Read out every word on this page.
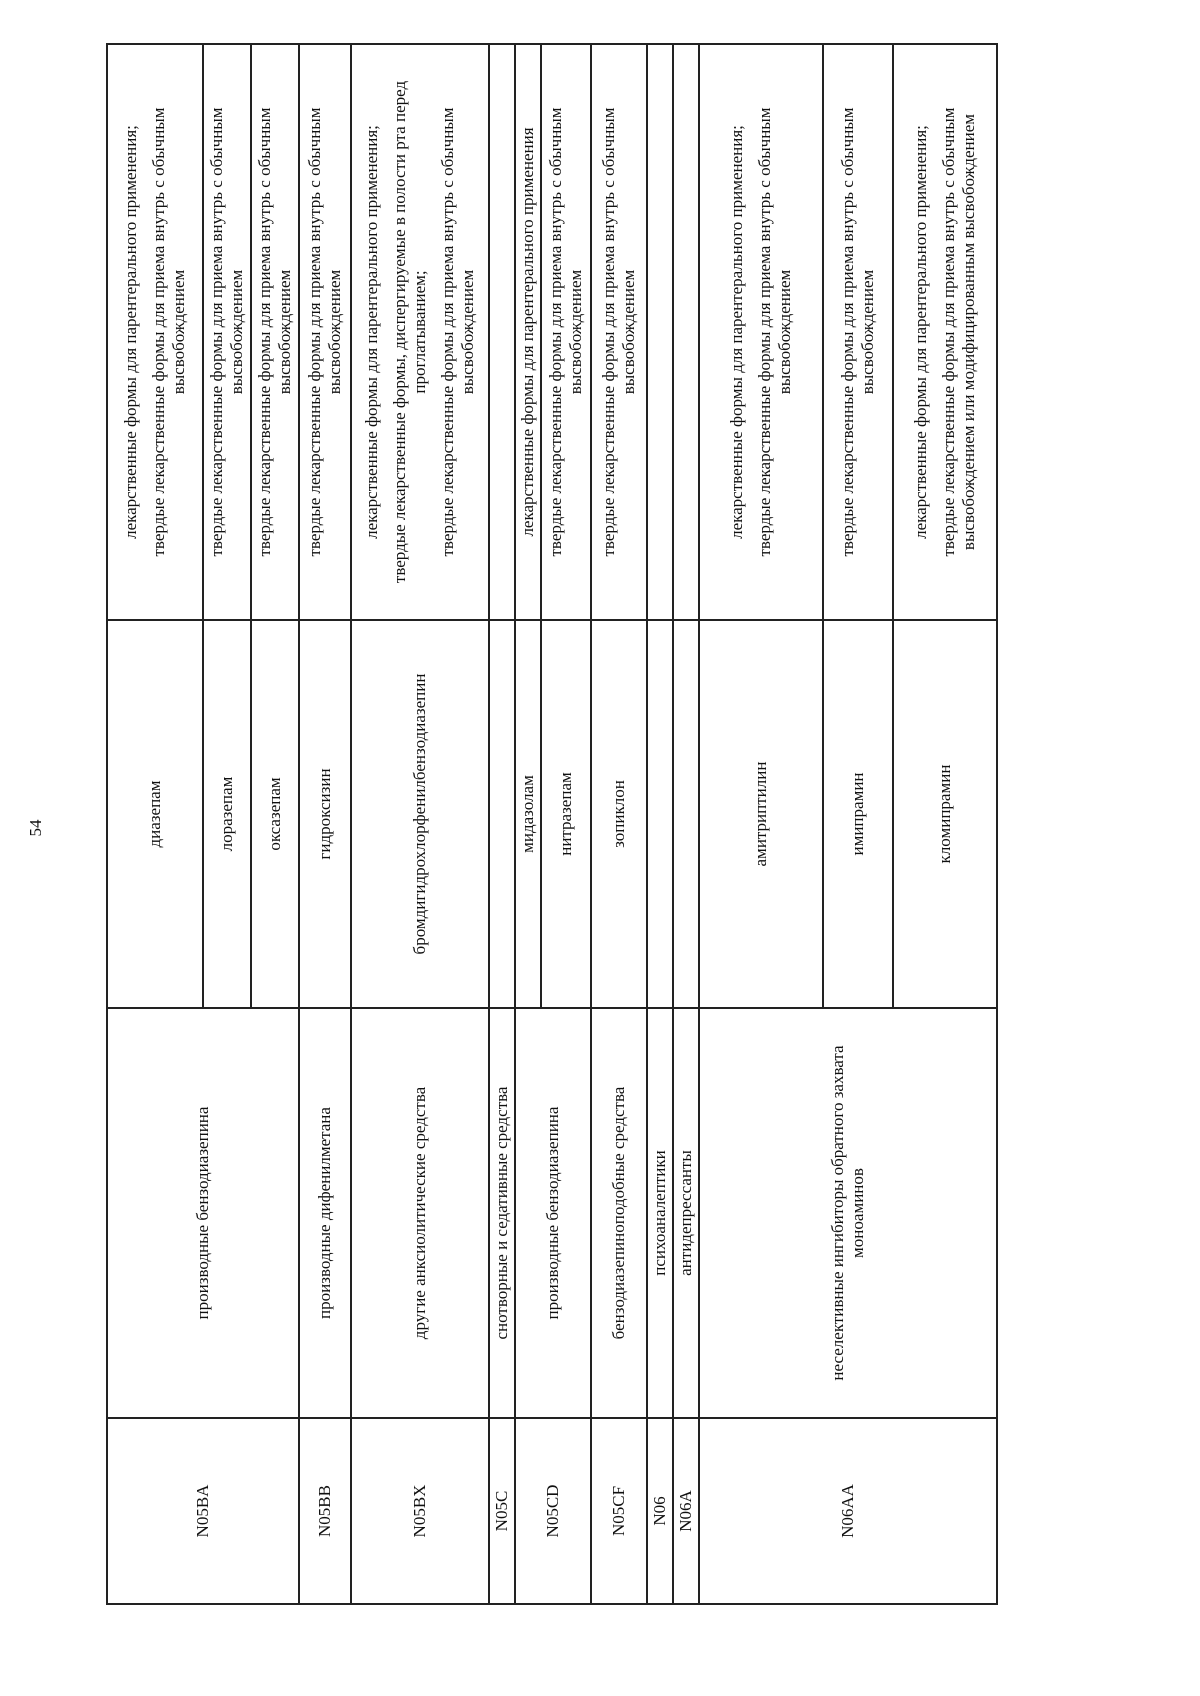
54
N05BA	производные бензодиазепина	диазепам	лекарственные формы для парентерального применения; твердые лекарственные формы для приема внутрь с обычным высвобождением

		лоразепам	твердые лекарственные формы для приема внутрь с обычным высвобождением

		оксазепам	твердые лекарственные формы для приема внутрь с обычным высвобождением

N05BB	производные дифенилметана	гидроксизин	твердые лекарственные формы для приема внутрь с обычным высвобождением

N05BX	другие анксиолитические средства	бромдигидрохлорфенилбензодиазепин	лекарственные формы для парентерального применения; твердые лекарственные формы, диспергируемые в полости рта перед проглатыванием; твердые лекарственные формы для приема внутрь с обычным высвобождением

N05C	снотворные и седативные средства		
N05CD	производные бензодиазепина	мидазолам	лекарственные формы для парентерального применения

		нитразепам	твердые лекарственные формы для приема внутрь с обычным высвобождением

N05CF	бензодиазепиноподобные средства	зопиклон	твердые лекарственные формы для приема внутрь с обычным высвобождением

N06	психоаналептики		
N06A	антидепрессанты		
N06AA	неселективные ингибиторы обратного захвата моноаминов	амитриптилин	лекарственные формы для парентерального применения; твердые лекарственные формы для приема внутрь с обычным высвобождением

		имипрамин	твердые лекарственные формы для приема внутрь с обычным высвобождением

		кломипрамин	лекарственные формы для парентерального применения; твердые лекарственные формы для приема внутрь с обычным высвобождением или модифицированным высвобождением
